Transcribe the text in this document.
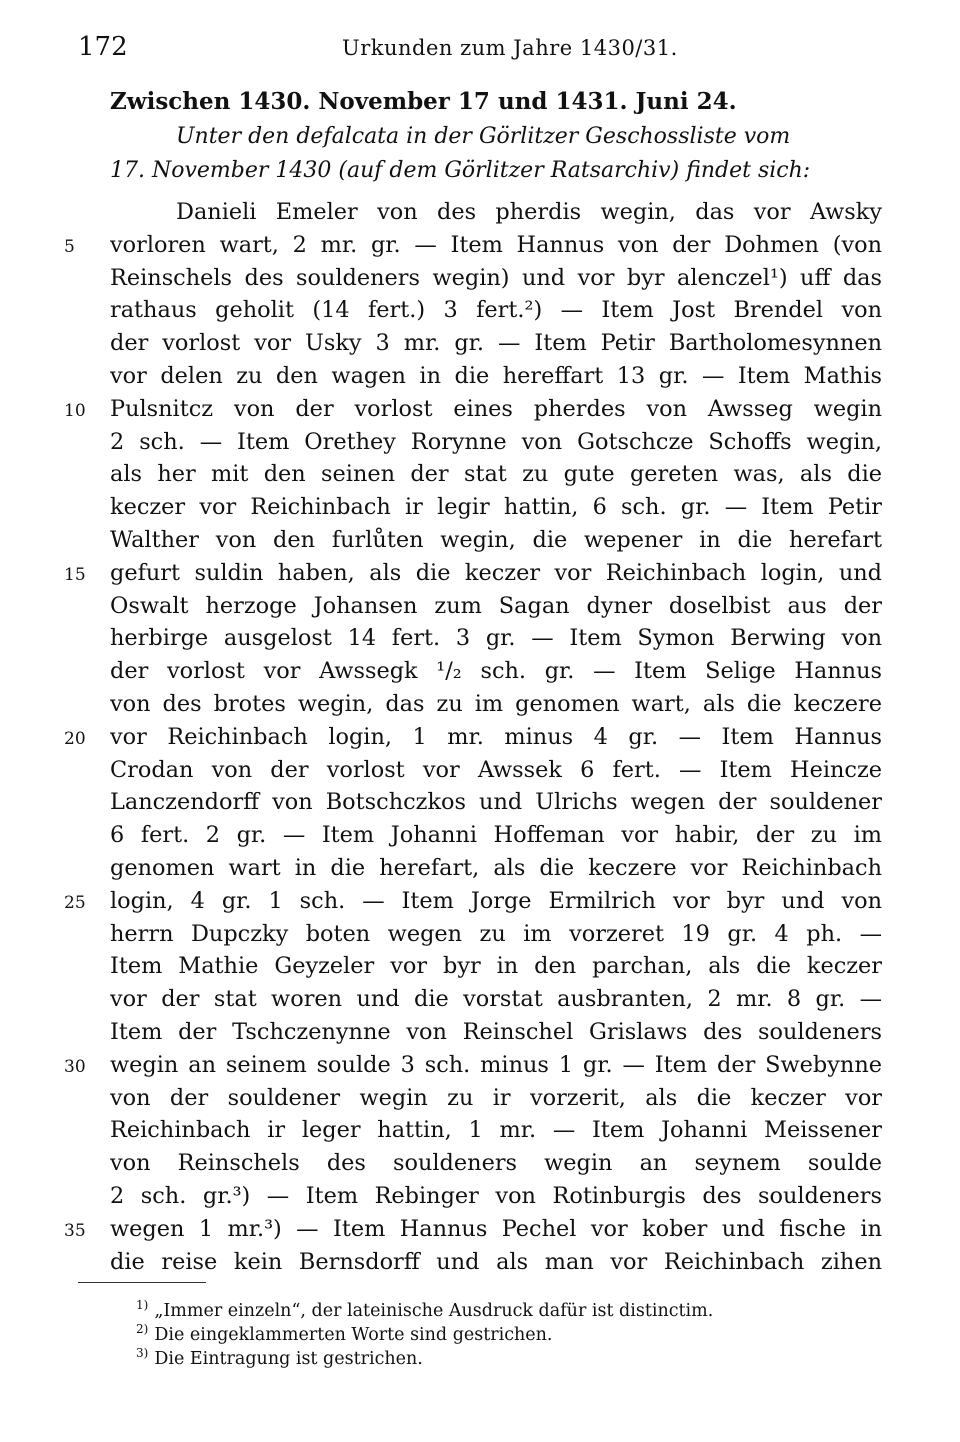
172	Urkunden zum Jahre 1430/31.
Zwischen 1430. November 17 und 1431. Juni 24.
Unter den defalcata in der Görlitzer Geschossliste vom
17. November 1430 (auf dem Görlitzer Ratsarchiv) findet sich:
5
10
15
20
25
30
35
Danieli Emeler von des pherdis wegin, das vor Awsky
vorloren wart, 2 mr. gr. — Item Hannus von der Dohmen (von
Reinschels des souldeners wegin) und vor byr alenczel¹) uff das
rathaus geholit (14 fert.) 3 fert.²) — Item Jost Brendel von
der vorlost vor Usky 3 mr. gr. — Item Petir Bartholomesynnen
vor delen zu den wagen in die hereffart 13 gr. — Item Mathis
Pulsnitcz von der vorlost eines pherdes von Awsseg wegin
2 sch. — Item Orethey Rorynne von Gotschcze Schoffs wegin,
als her mit den seinen der stat zu gute gereten was, als die
keczer vor Reichinbach ir legir hattin, 6 sch. gr. — Item Petir
Walther von den furlůten wegin, die wepener in die herefart
gefurt suldin haben, als die keczer vor Reichinbach login, und
Oswalt herzoge Johansen zum Sagan dyner doselbist aus der
herbirge ausgelost 14 fert. 3 gr. — Item Symon Berwing von
der vorlost vor Awssegk ¹/₂ sch. gr. — Item Selige Hannus
von des brotes wegin, das zu im genomen wart, als die keczere
vor Reichinbach login, 1 mr. minus 4 gr. — Item Hannus
Crodan von der vorlost vor Awssek 6 fert. — Item Heincze
Lanczendorff von Botschczkos und Ulrichs wegen der souldener
6 fert. 2 gr. — Item Johanni Hoffeman vor habir, der zu im
genomen wart in die herefart, als die keczere vor Reichinbach
login, 4 gr. 1 sch. — Item Jorge Ermilrich vor byr und von
herrn Dupczky boten wegen zu im vorzeret 19 gr. 4 ph. —
Item Mathie Geyzeler vor byr in den parchan, als die keczer
vor der stat woren und die vorstat ausbranten, 2 mr. 8 gr. —
Item der Tschczenynne von Reinschel Grislaws des souldeners
wegin an seinem soulde 3 sch. minus 1 gr. — Item der Swebynne
von der souldener wegin zu ir vorzerit, als die keczer vor
Reichinbach ir leger hattin, 1 mr. — Item Johanni Meissener
von Reinschels des souldeners wegin an seynem soulde
2 sch. gr.³) — Item Rebinger von Rotinburgis des souldeners
wegen 1 mr.³) — Item Hannus Pechel vor kober und fische in
die reise kein Bernsdorff und als man vor Reichinbach zihen
$^{1)}$ „Immer einzeln“, der lateinische Ausdruck dafür ist distinctim.
$^{2)}$ Die eingeklammerten Worte sind gestrichen.
$^{3)}$ Die Eintragung ist gestrichen.
